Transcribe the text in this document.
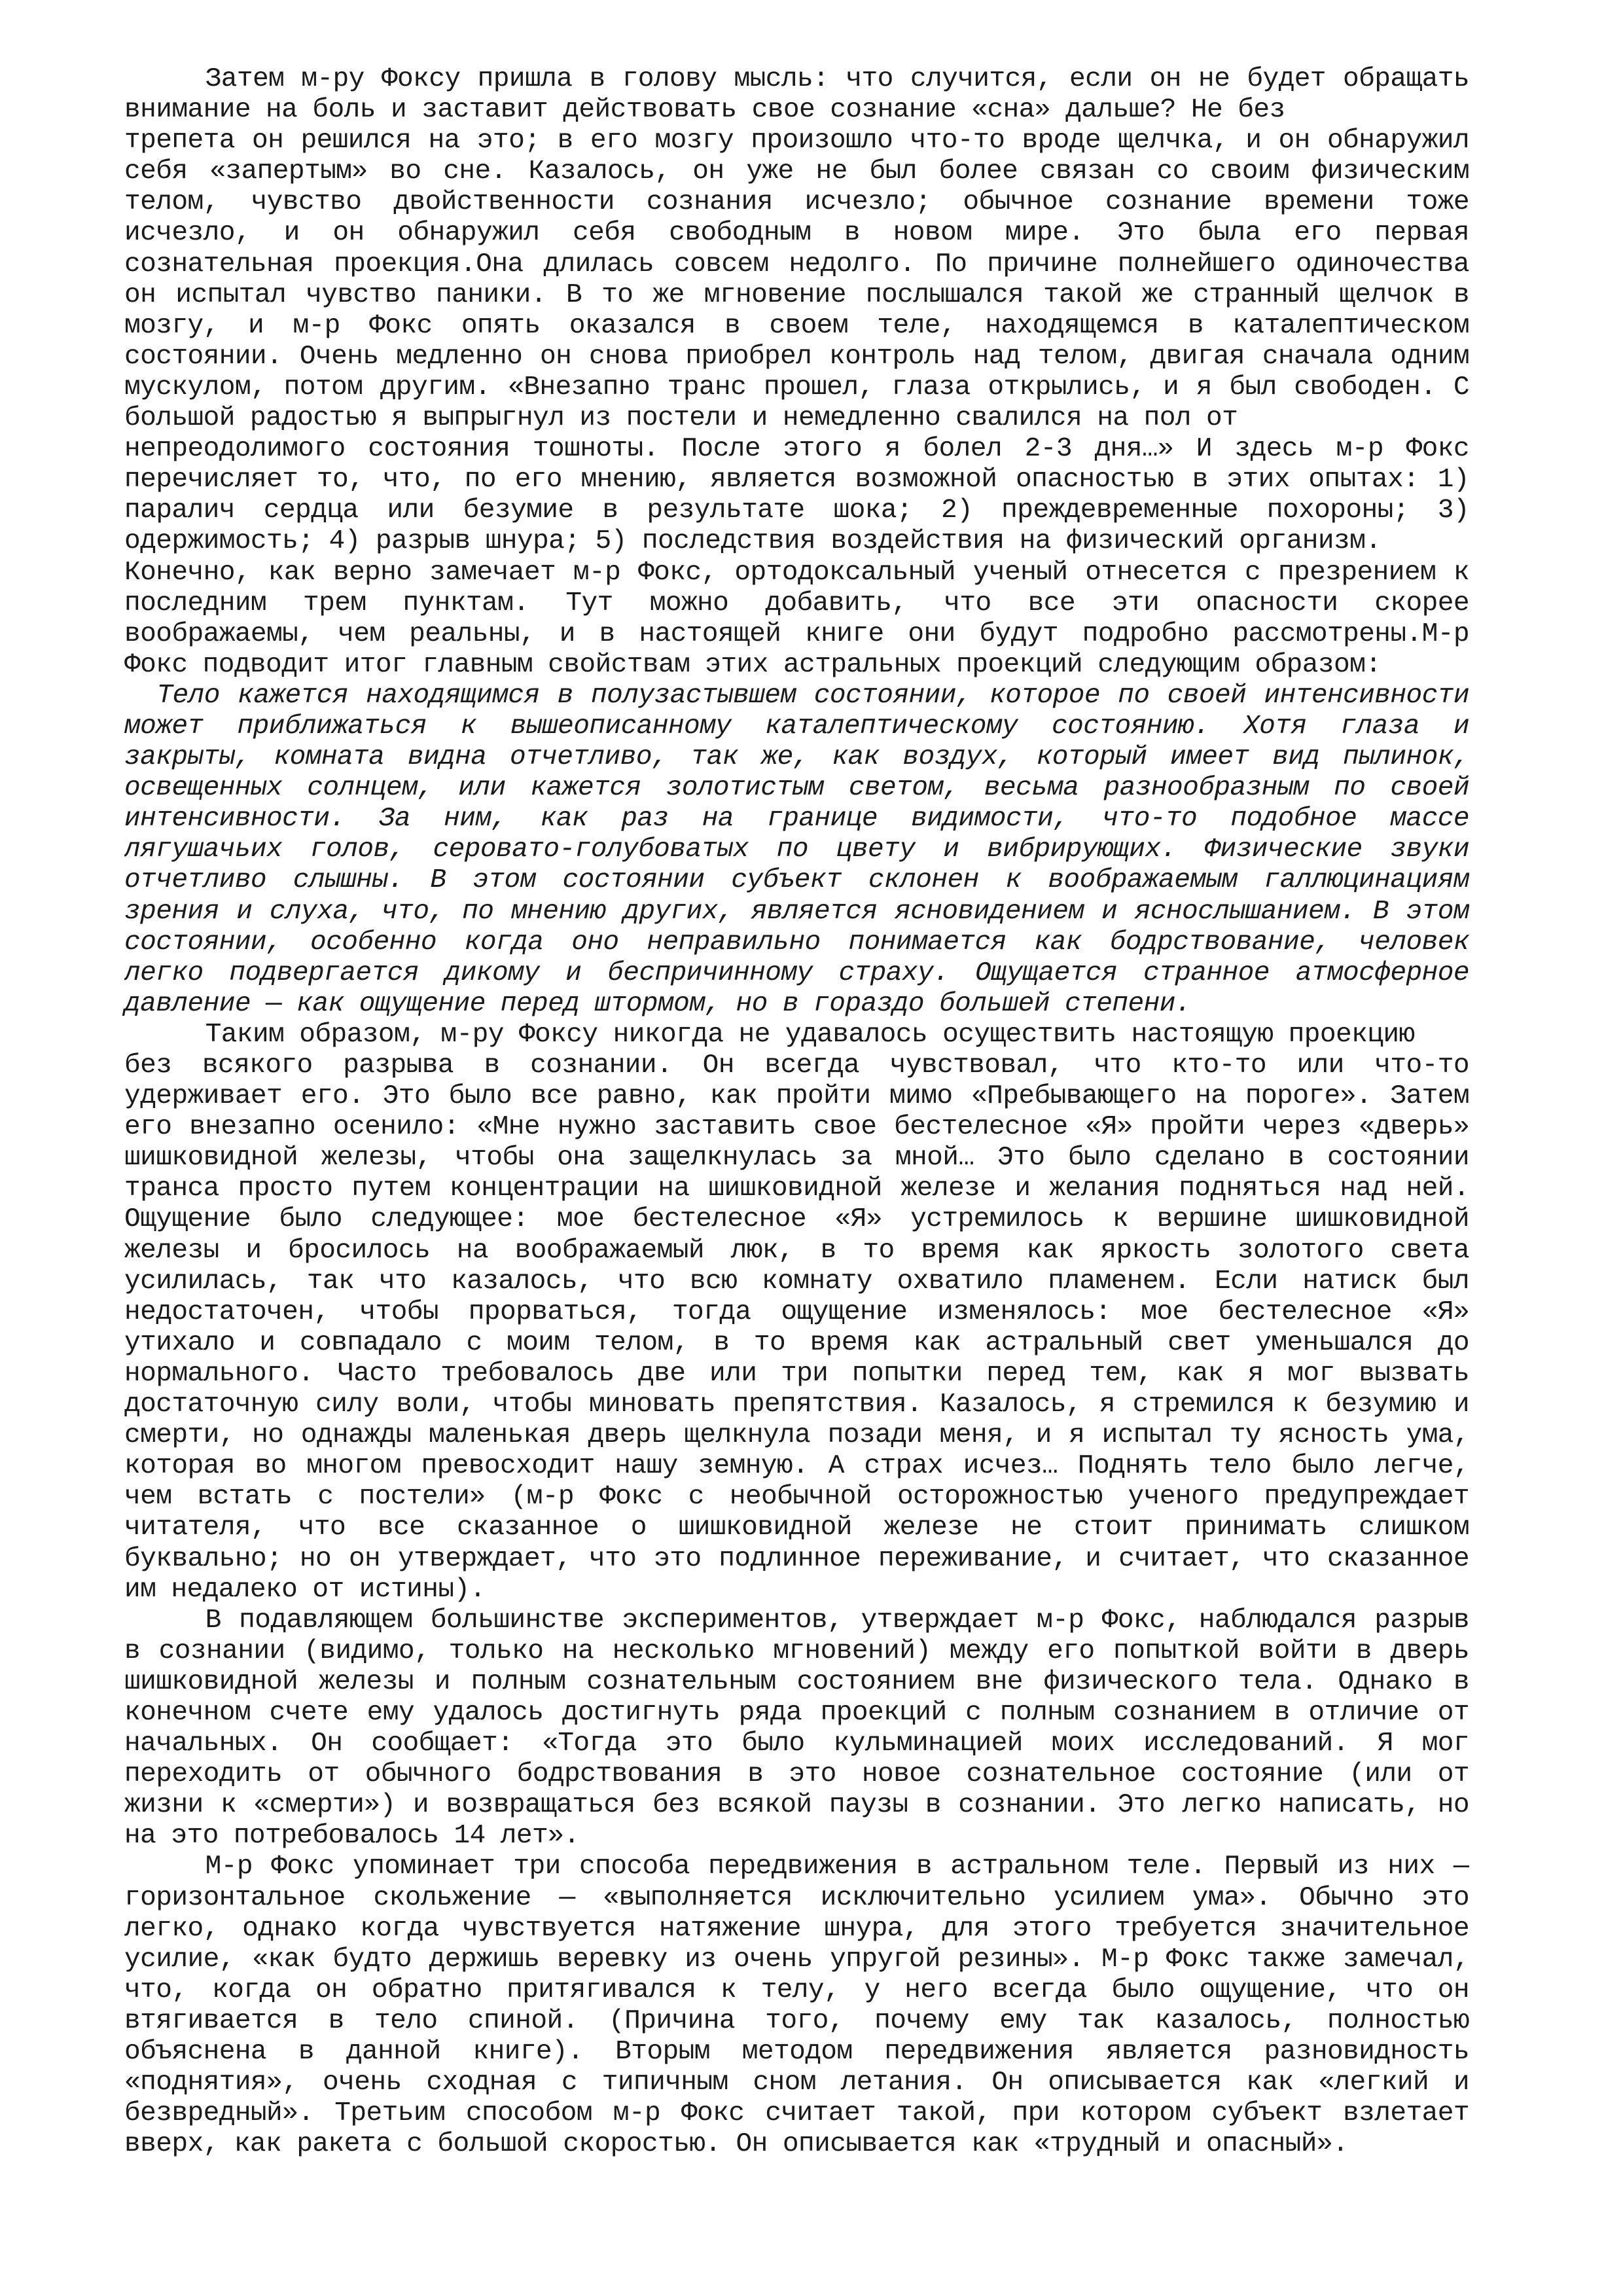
Затем м-ру Фоксу пришла в голову мысль: что случится, если он не будет обращать
внимание на боль и заставит действовать свое сознание «сна» дальше? Не без
трепета он решился на это; в его мозгу произошло что-то вроде щелчка, и он обнаружил
себя «запертым» во сне. Казалось, он уже не был более связан со своим физическим
телом, чувство двойственности сознания исчезло; обычное сознание времени тоже
исчезло, и он обнаружил себя свободным в новом мире. Это была его первая
сознательная проекция.Она длилась совсем недолго. По причине полнейшего одиночества
он испытал чувство паники. В то же мгновение послышался такой же странный щелчок в
мозгу, и м-р Фокс опять оказался в своем теле, находящемся в каталептическом
состоянии. Очень медленно он снова приобрел контроль над телом, двигая сначала одним
мускулом, потом другим. «Внезапно транс прошел, глаза открылись, и я был свободен. С
большой радостью я выпрыгнул из постели и немедленно свалился на пол от
непреодолимого состояния тошноты. После этого я болел 2-3 дня…» И здесь м-р Фокс
перечисляет то, что, по его мнению, является возможной опасностью в этих опытах: 1)
паралич сердца или безумие в результате шока; 2) преждевременные похороны; 3)
одержимость; 4) разрыв шнура; 5) последствия воздействия на физический организм.
Конечно, как верно замечает м-р Фокс, ортодоксальный ученый отнесется с презрением к
последним трем пунктам. Тут можно добавить, что все эти опасности скорее
воображаемы, чем реальны, и в настоящей книге они будут подробно рассмотрены.М-р
Фокс подводит итог главным свойствам этих астральных проекций следующим образом:
Тело кажется находящимся в полузастывшем состоянии, которое по своей интенсивности
может приближаться к вышеописанному каталептическому состоянию. Хотя глаза и
закрыты, комната видна отчетливо, так же, как воздух, который имеет вид пылинок,
освещенных солнцем, или кажется золотистым светом, весьма разнообразным по своей
интенсивности. За ним, как раз на границе видимости, что-то подобное массе
лягушачьих голов, серовато-голубоватых по цвету и вибрирующих. Физические звуки
отчетливо слышны. В этом состоянии субъект склонен к воображаемым галлюцинациям
зрения и слуха, что, по мнению других, является ясновидением и яснослышанием. В этом
состоянии, особенно когда оно неправильно понимается как бодрствование, человек
легко подвергается дикому и беспричинному страху. Ощущается странное атмосферное
давление — как ощущение перед штормом, но в гораздо большей степени.
Таким образом, м-ру Фоксу никогда не удавалось осуществить настоящую проекцию
без всякого разрыва в сознании. Он всегда чувствовал, что кто-то или что-то
удерживает его. Это было все равно, как пройти мимо «Пребывающего на пороге». Затем
его внезапно осенило: «Мне нужно заставить свое бестелесное «Я» пройти через «дверь»
шишковидной железы, чтобы она защелкнулась за мной… Это было сделано в состоянии
транса просто путем концентрации на шишковидной железе и желания подняться над ней.
Ощущение было следующее: мое бестелесное «Я» устремилось к вершине шишковидной
железы и бросилось на воображаемый люк, в то время как яркость золотого света
усилилась, так что казалось, что всю комнату охватило пламенем. Если натиск был
недостаточен, чтобы прорваться, тогда ощущение изменялось: мое бестелесное «Я»
утихало и совпадало с моим телом, в то время как астральный свет уменьшался до
нормального. Часто требовалось две или три попытки перед тем, как я мог вызвать
достаточную силу воли, чтобы миновать препятствия. Казалось, я стремился к безумию и
смерти, но однажды маленькая дверь щелкнула позади меня, и я испытал ту ясность ума,
которая во многом превосходит нашу земную. А страх исчез… Поднять тело было легче,
чем встать с постели» (м-р Фокс с необычной осторожностью ученого предупреждает
читателя, что все сказанное о шишковидной железе не стоит принимать слишком
буквально; но он утверждает, что это подлинное переживание, и считает, что сказанное
им недалеко от истины).
В подавляющем большинстве экспериментов, утверждает м-р Фокс, наблюдался разрыв
в сознании (видимо, только на несколько мгновений) между его попыткой войти в дверь
шишковидной железы и полным сознательным состоянием вне физического тела. Однако в
конечном счете ему удалось достигнуть ряда проекций с полным сознанием в отличие от
начальных. Он сообщает: «Тогда это было кульминацией моих исследований. Я мог
переходить от обычного бодрствования в это новое сознательное состояние (или от
жизни к «смерти») и возвращаться без всякой паузы в сознании. Это легко написать, но
на это потребовалось 14 лет».
М-р Фокс упоминает три способа передвижения в астральном теле. Первый из них —
горизонтальное скольжение — «выполняется исключительно усилием ума». Обычно это
легко, однако когда чувствуется натяжение шнура, для этого требуется значительное
усилие, «как будто держишь веревку из очень упругой резины». М-р Фокс также замечал,
что, когда он обратно притягивался к телу, у него всегда было ощущение, что он
втягивается в тело спиной. (Причина того, почему ему так казалось, полностью
объяснена в данной книге). Вторым методом передвижения является разновидность
«поднятия», очень сходная с типичным сном летания. Он описывается как «легкий и
безвредный». Третьим способом м-р Фокс считает такой, при котором субъект взлетает
вверх, как ракета с большой скоростью. Он описывается как «трудный и опасный».
